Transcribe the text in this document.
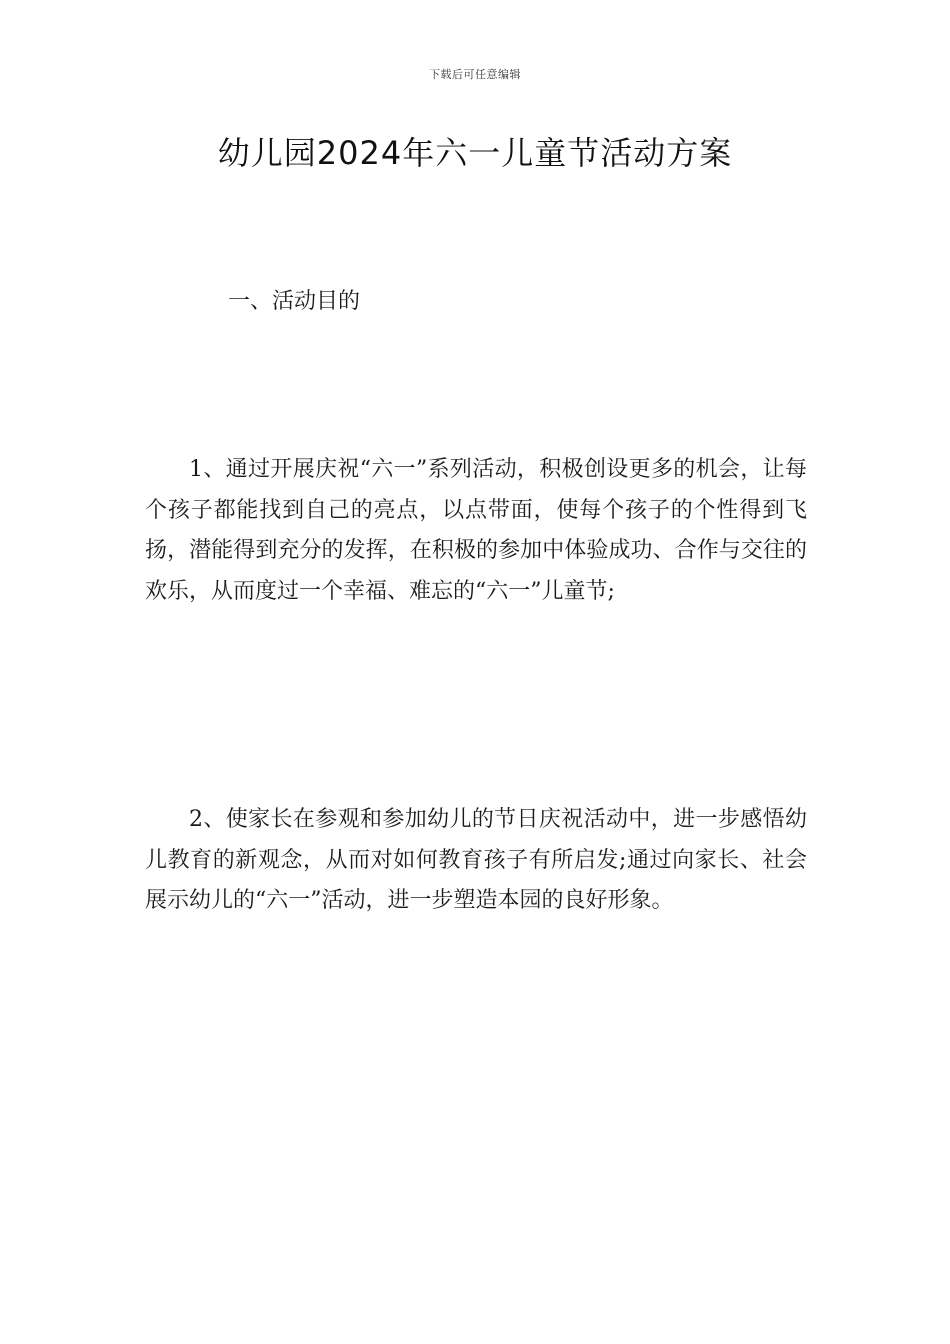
下载后可任意编辑
幼儿园2024年六一儿童节活动方案
一、活动目的

1、通过开展庆祝“六一”系列活动，积极创设更多的机会，让每个孩子都能找到自己的亮点，以点带面，使每个孩子的个性得到飞扬，潜能得到充分的发挥，在积极的参加中体验成功、合作与交往的欢乐，从而度过一个幸福、难忘的“六一”儿童节;

2、使家长在参观和参加幼儿的节日庆祝活动中，进一步感悟幼儿教育的新观念，从而对如何教育孩子有所启发;通过向家长、社会展示幼儿的“六一”活动，进一步塑造本园的良好形象。
